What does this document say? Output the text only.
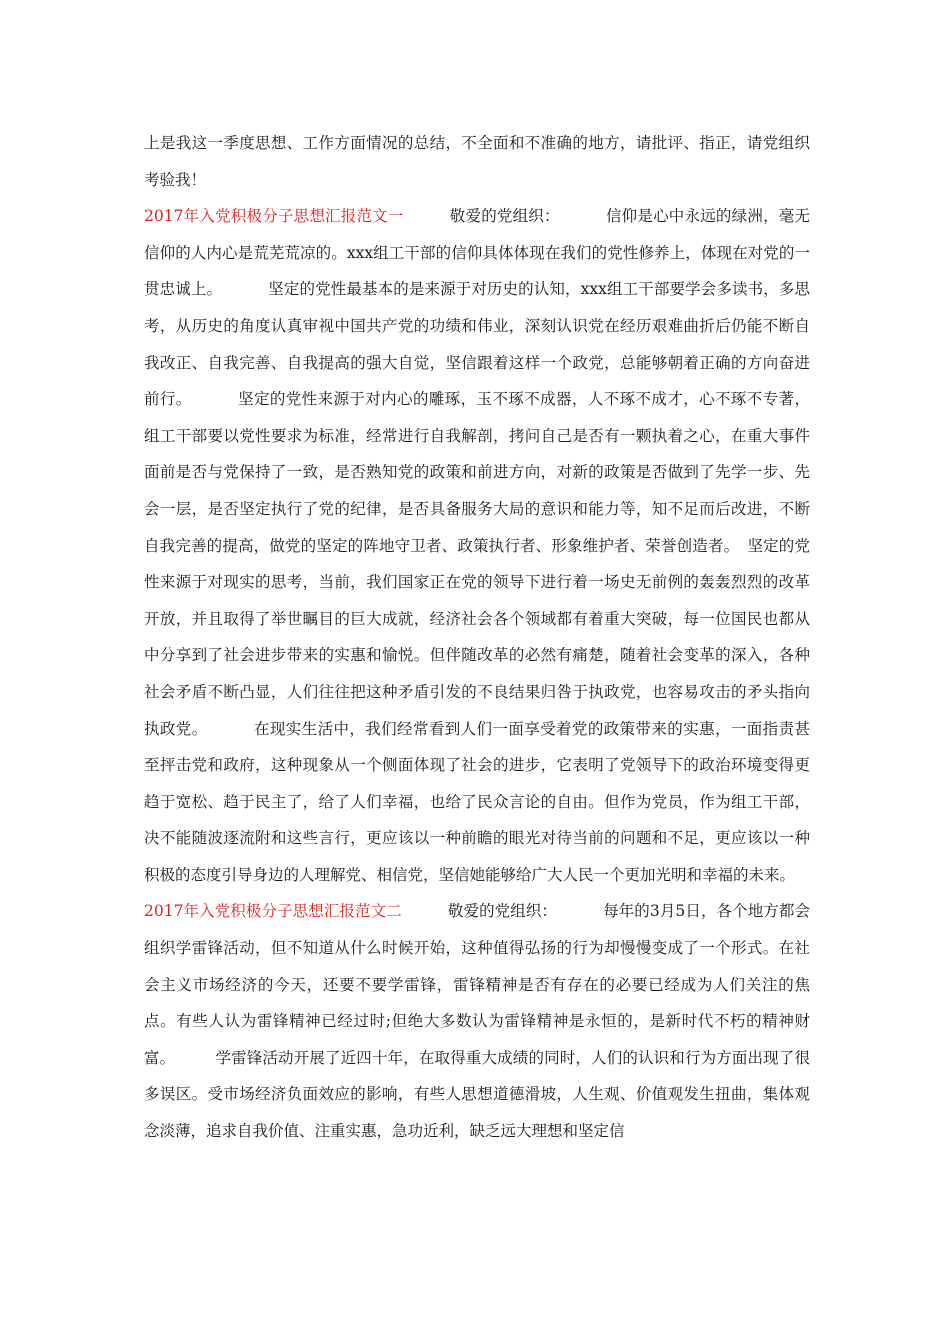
上是我这一季度思想、工作方面情况的总结，不全面和不准确的地方，请批评、指正，请党组织考验我！

2017年入党积极分子思想汇报范文一	敬爱的党组织：	信仰是心中永远的绿洲，毫无信仰的人内心是荒芜荒凉的。xxx组工干部的信仰具体体现在我们的党性修养上，体现在对党的一贯忠诚上。	坚定的党性最基本的是来源于对历史的认知，xxx组工干部要学会多读书，多思考，从历史的角度认真审视中国共产党的功绩和伟业，深刻认识党在经历艰难曲折后仍能不断自我改正、自我完善、自我提高的强大自觉，坚信跟着这样一个政党，总能够朝着正确的方向奋进前行。	坚定的党性来源于对内心的雕琢，玉不琢不成器，人不琢不成才，心不琢不专著，组工干部要以党性要求为标准，经常进行自我解剖，拷问自己是否有一颗执着之心，在重大事件面前是否与党保持了一致，是否熟知党的政策和前进方向，对新的政策是否做到了先学一步、先会一层，是否坚定执行了党的纪律，是否具备服务大局的意识和能力等，知不足而后改进，不断自我完善的提高，做党的坚定的阵地守卫者、政策执行者、形象维护者、荣誉创造者。 坚定的党性来源于对现实的思考，当前，我们国家正在党的领导下进行着一场史无前例的轰轰烈烈的改革开放，并且取得了举世瞩目的巨大成就，经济社会各个领域都有着重大突破，每一位国民也都从中分享到了社会进步带来的实惠和愉悦。但伴随改革的必然有痛楚，随着社会变革的深入，各种社会矛盾不断凸显，人们往往把这种矛盾引发的不良结果归咎于执政党，也容易攻击的矛头指向执政党。	在现实生活中，我们经常看到人们一面享受着党的政策带来的实惠，一面指责甚至抨击党和政府，这种现象从一个侧面体现了社会的进步，它表明了党领导下的政治环境变得更趋于宽松、趋于民主了，给了人们幸福，也给了民众言论的自由。但作为党员，作为组工干部，决不能随波逐流附和这些言行，更应该以一种前瞻的眼光对待当前的问题和不足，更应该以一种积极的态度引导身边的人理解党、相信党，坚信她能够给广大人民一个更加光明和幸福的未来。

2017年入党积极分子思想汇报范文二	敬爱的党组织：	每年的3月5日，各个地方都会组织学雷锋活动，但不知道从什么时候开始，这种值得弘扬的行为却慢慢变成了一个形式。在社会主义市场经济的今天，还要不要学雷锋，雷锋精神是否有存在的必要已经成为人们关注的焦点。有些人认为雷锋精神已经过时;但绝大多数认为雷锋精神是永恒的，是新时代不朽的精神财富。	学雷锋活动开展了近四十年，在取得重大成绩的同时，人们的认识和行为方面出现了很多误区。受市场经济负面效应的影响，有些人思想道德滑坡，人生观、价值观发生扭曲，集体观念淡薄，追求自我价值、注重实惠，急功近利，缺乏远大理想和坚定信
